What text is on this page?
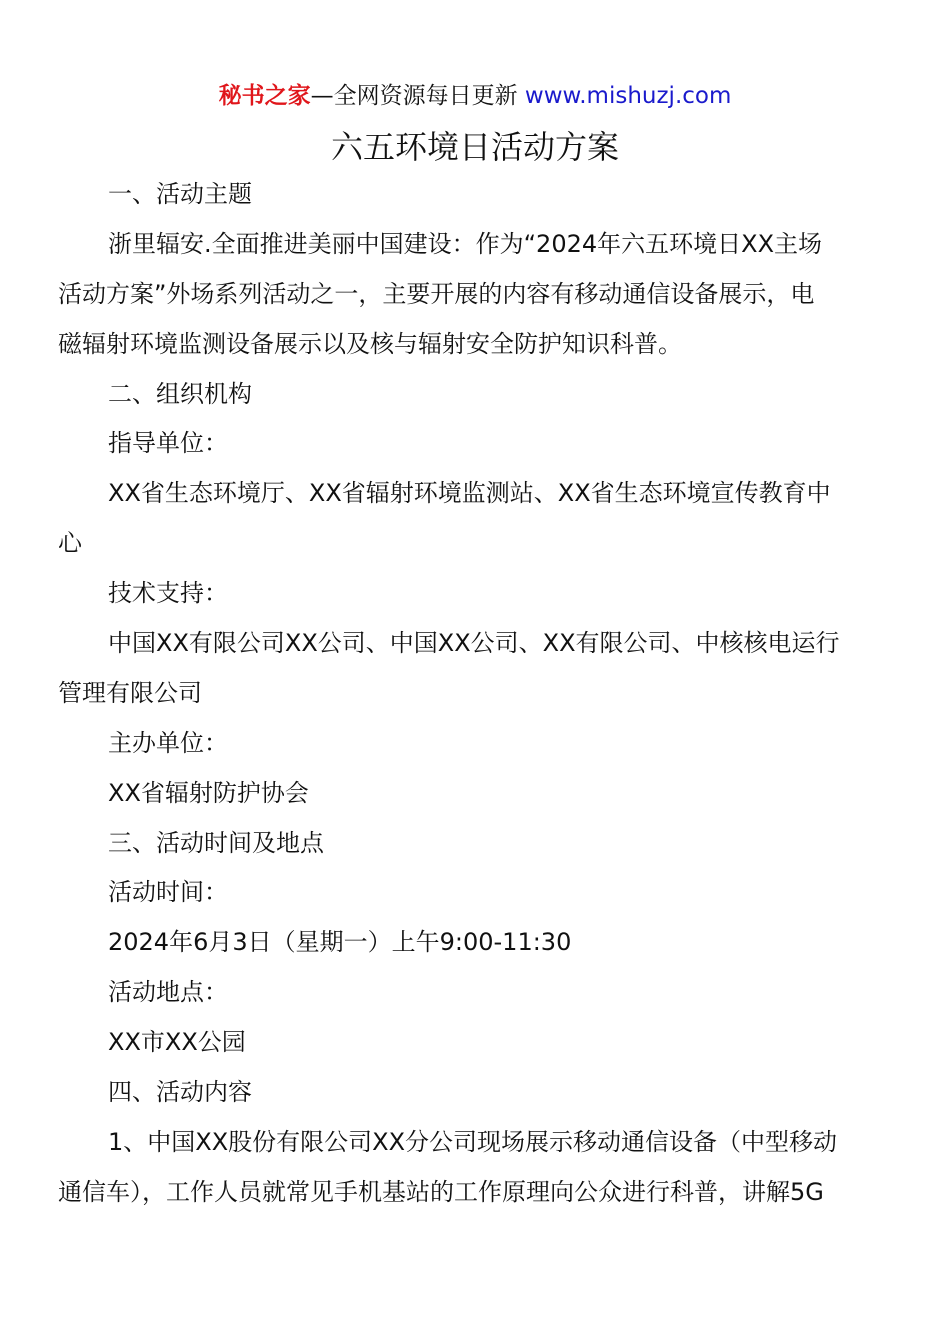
秘书之家—全网资源每日更新 www.mishuzj.com
六五环境日活动方案
一、活动主题
浙里辐安.全面推进美丽中国建设：作为“2024年六五环境日XX主场
活动方案”外场系列活动之一，主要开展的内容有移动通信设备展示，电
磁辐射环境监测设备展示以及核与辐射安全防护知识科普。
二、组织机构
指导单位：
XX省生态环境厅、XX省辐射环境监测站、XX省生态环境宣传教育中
心
技术支持：
中国XX有限公司XX公司、中国XX公司、XX有限公司、中核核电运行
管理有限公司
主办单位：
XX省辐射防护协会
三、活动时间及地点
活动时间：
2024年6月3日（星期一）上午9:00-11:30
活动地点：
XX市XX公园
四、活动内容
1、中国XX股份有限公司XX分公司现场展示移动通信设备（中型移动
通信车），工作人员就常见手机基站的工作原理向公众进行科普，讲解5G
